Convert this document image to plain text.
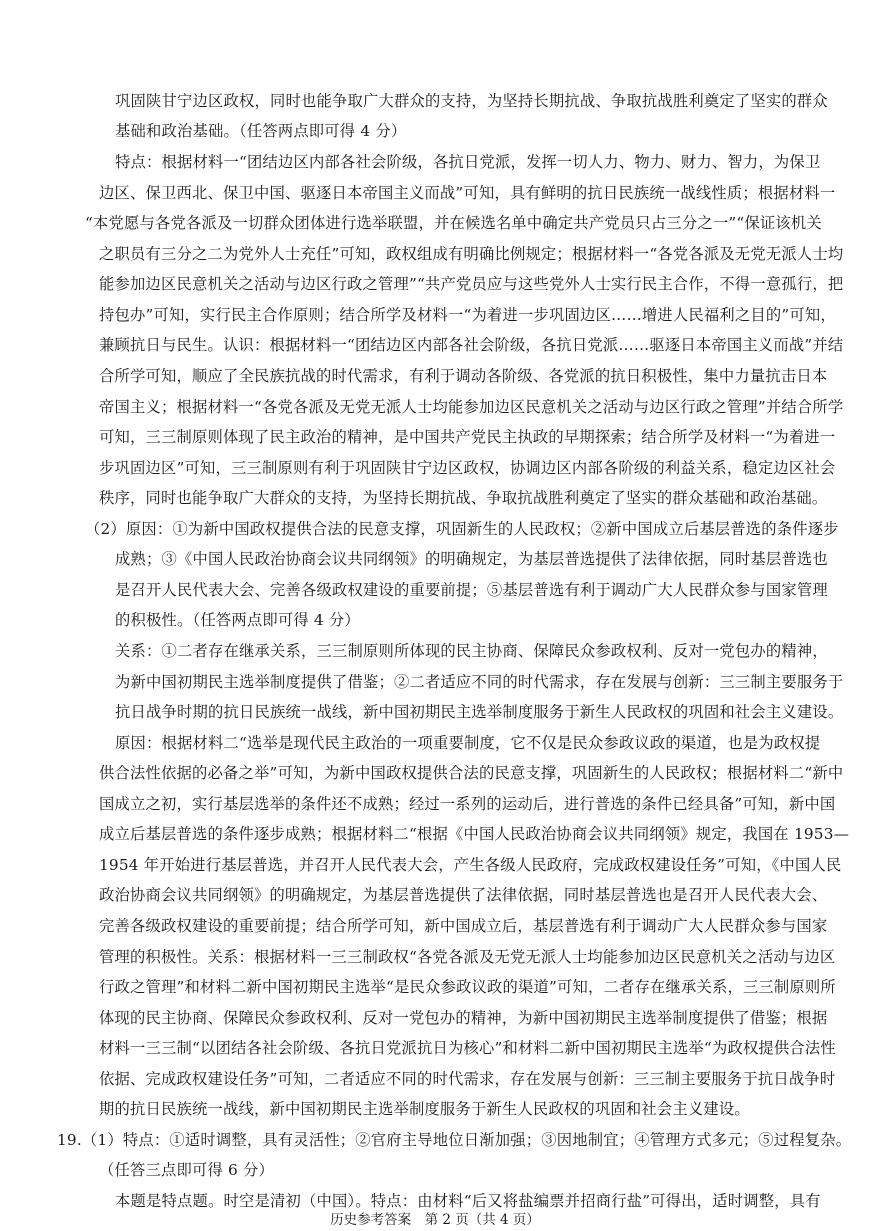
巩固陕甘宁边区政权，同时也能争取广大群众的支持，为坚持长期抗战、争取抗战胜利奠定了坚实的群众
基础和政治基础。（任答两点即可得 4 分）
特点：根据材料一“团结边区内部各社会阶级，各抗日党派，发挥一切人力、物力、财力、智力，为保卫
边区、保卫西北、保卫中国、驱逐日本帝国主义而战”可知，具有鲜明的抗日民族统一战线性质；根据材料一
“本党愿与各党各派及一切群众团体进行选举联盟，并在候选名单中确定共产党员只占三分之一”“保证该机关
之职员有三分之二为党外人士充任”可知，政权组成有明确比例规定；根据材料一“各党各派及无党无派人士均
能参加边区民意机关之活动与边区行政之管理”“共产党员应与这些党外人士实行民主合作，不得一意孤行，把
持包办”可知，实行民主合作原则；结合所学及材料一“为着进一步巩固边区……增进人民福利之目的”可知，
兼顾抗日与民生。认识：根据材料一“团结边区内部各社会阶级，各抗日党派……驱逐日本帝国主义而战”并结
合所学可知，顺应了全民族抗战的时代需求，有利于调动各阶级、各党派的抗日积极性，集中力量抗击日本
帝国主义；根据材料一“各党各派及无党无派人士均能参加边区民意机关之活动与边区行政之管理”并结合所学
可知，三三制原则体现了民主政治的精神，是中国共产党民主执政的早期探索；结合所学及材料一“为着进一
步巩固边区”可知，三三制原则有利于巩固陕甘宁边区政权，协调边区内部各阶级的利益关系，稳定边区社会
秩序，同时也能争取广大群众的支持，为坚持长期抗战、争取抗战胜利奠定了坚实的群众基础和政治基础。
（2）原因：①为新中国政权提供合法的民意支撑，巩固新生的人民政权；②新中国成立后基层普选的条件逐步
成熟；③《中国人民政治协商会议共同纲领》的明确规定，为基层普选提供了法律依据，同时基层普选也
是召开人民代表大会、完善各级政权建设的重要前提；⑤基层普选有利于调动广大人民群众参与国家管理
的积极性。（任答两点即可得 4 分）
关系：①二者存在继承关系，三三制原则所体现的民主协商、保障民众参政权利、反对一党包办的精神，
为新中国初期民主选举制度提供了借鉴；②二者适应不同的时代需求，存在发展与创新：三三制主要服务于
抗日战争时期的抗日民族统一战线，新中国初期民主选举制度服务于新生人民政权的巩固和社会主义建设。
原因：根据材料二“选举是现代民主政治的一项重要制度，它不仅是民众参政议政的渠道，也是为政权提
供合法性依据的必备之举”可知，为新中国政权提供合法的民意支撑，巩固新生的人民政权；根据材料二“新中
国成立之初，实行基层选举的条件还不成熟；经过一系列的运动后，进行普选的条件已经具备”可知，新中国
成立后基层普选的条件逐步成熟；根据材料二“根据《中国人民政治协商会议共同纲领》规定，我国在 1953—
1954 年开始进行基层普选，并召开人民代表大会，产生各级人民政府，完成政权建设任务”可知，《中国人民
政治协商会议共同纲领》的明确规定，为基层普选提供了法律依据，同时基层普选也是召开人民代表大会、
完善各级政权建设的重要前提；结合所学可知，新中国成立后，基层普选有利于调动广大人民群众参与国家
管理的积极性。关系：根据材料一三三制政权“各党各派及无党无派人士均能参加边区民意机关之活动与边区
行政之管理”和材料二新中国初期民主选举“是民众参政议政的渠道”可知，二者存在继承关系，三三制原则所
体现的民主协商、保障民众参政权利、反对一党包办的精神，为新中国初期民主选举制度提供了借鉴；根据
材料一三三制“以团结各社会阶级、各抗日党派抗日为核心”和材料二新中国初期民主选举“为政权提供合法性
依据、完成政权建设任务”可知，二者适应不同的时代需求，存在发展与创新：三三制主要服务于抗日战争时
期的抗日民族统一战线，新中国初期民主选举制度服务于新生人民政权的巩固和社会主义建设。
19.（1）特点：①适时调整，具有灵活性；②官府主导地位日渐加强；③因地制宜；④管理方式多元；⑤过程复杂。
（任答三点即可得 6 分）
本题是特点题。时空是清初（中国）。特点：由材料“后又将盐编票并招商行盐”可得出，适时调整，具有
历史参考答案　第 2 页（共 4 页）
